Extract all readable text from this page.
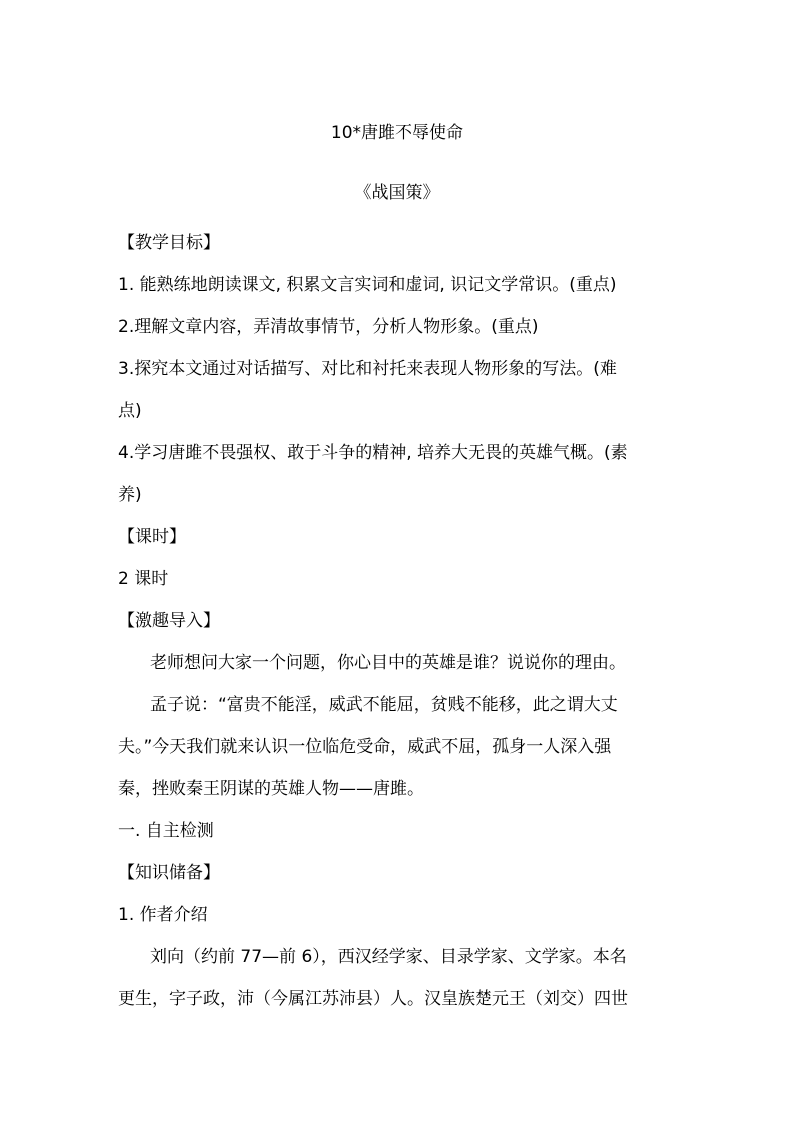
10*唐雎不辱使命
《战国策》
【教学目标】
1. 能熟练地朗读课文, 积累文言实词和虚词, 识记文学常识。(重点)
2.理解文章内容，弄清故事情节，分析人物形象。(重点)
3.探究本文通过对话描写、对比和衬托来表现人物形象的写法。(难
点)
4.学习唐雎不畏强权、敢于斗争的精神, 培养大无畏的英雄气概。(素
养)
【课时】
2 课时
【激趣导入】
老师想问大家一个问题，你心目中的英雄是谁？说说你的理由。
孟子说：“富贵不能淫，威武不能屈，贫贱不能移，此之谓大丈
夫。”今天我们就来认识一位临危受命，威武不屈，孤身一人深入强
秦，挫败秦王阴谋的英雄人物——唐雎。
一. 自主检测
【知识储备】
1. 作者介绍
刘向（约前 77—前 6），西汉经学家、目录学家、文学家。本名
更生，字子政，沛（今属江苏沛县）人。汉皇族楚元王（刘交）四世
